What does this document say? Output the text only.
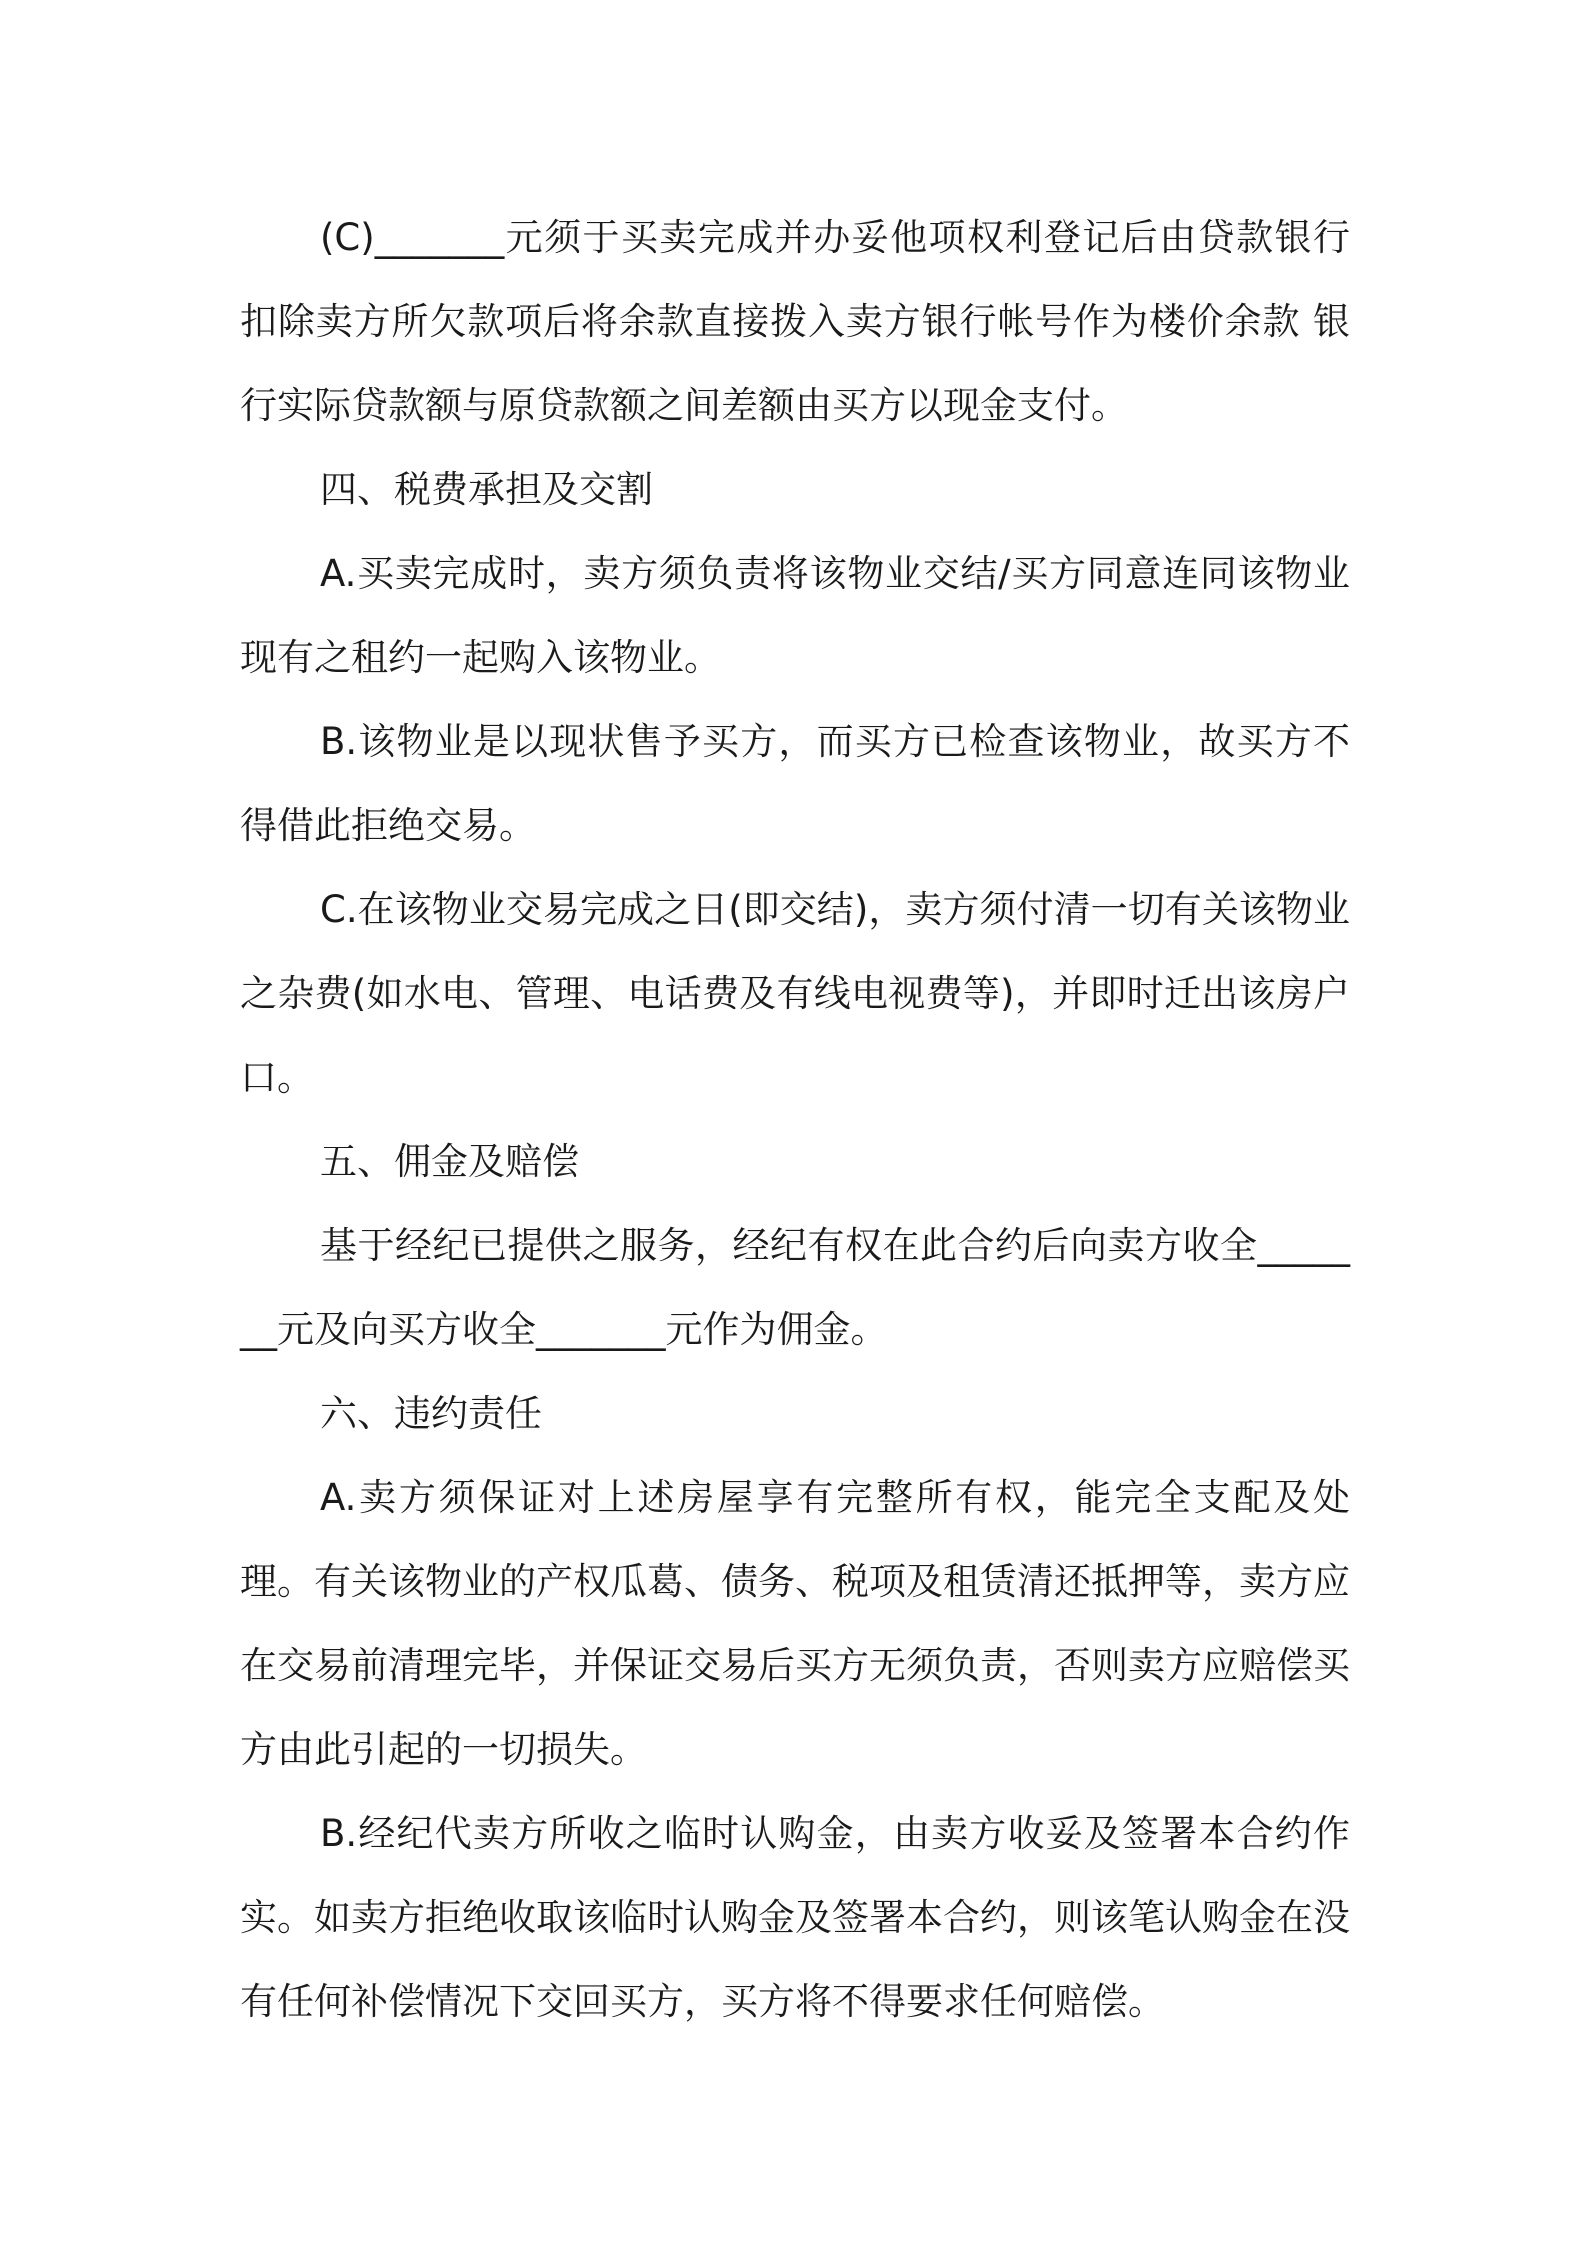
(C)_______元须于买卖完成并办妥他项权利登记后由贷款银行扣除卖方所欠款项后将余款直接拨入卖方银行帐号作为楼价余款 银行实际贷款额与原贷款额之间差额由买方以现金支付。

四、税费承担及交割

A.买卖完成时，卖方须负责将该物业交结/买方同意连同该物业现有之租约一起购入该物业。

B.该物业是以现状售予买方，而买方已检查该物业，故买方不得借此拒绝交易。

C.在该物业交易完成之日(即交结)，卖方须付清一切有关该物业之杂费(如水电、管理、电话费及有线电视费等)，并即时迁出该房户口。

五、佣金及赔偿

基于经纪已提供之服务，经纪有权在此合约后向卖方收全_______元及向买方收全_______元作为佣金。

六、违约责任

A.卖方须保证对上述房屋享有完整所有权，能完全支配及处理。有关该物业的产权瓜葛、债务、税项及租赁清还抵押等，卖方应在交易前清理完毕，并保证交易后买方无须负责，否则卖方应赔偿买方由此引起的一切损失。

B.经纪代卖方所收之临时认购金，由卖方收妥及签署本合约作实。如卖方拒绝收取该临时认购金及签署本合约，则该笔认购金在没有任何补偿情况下交回买方，买方将不得要求任何赔偿。
